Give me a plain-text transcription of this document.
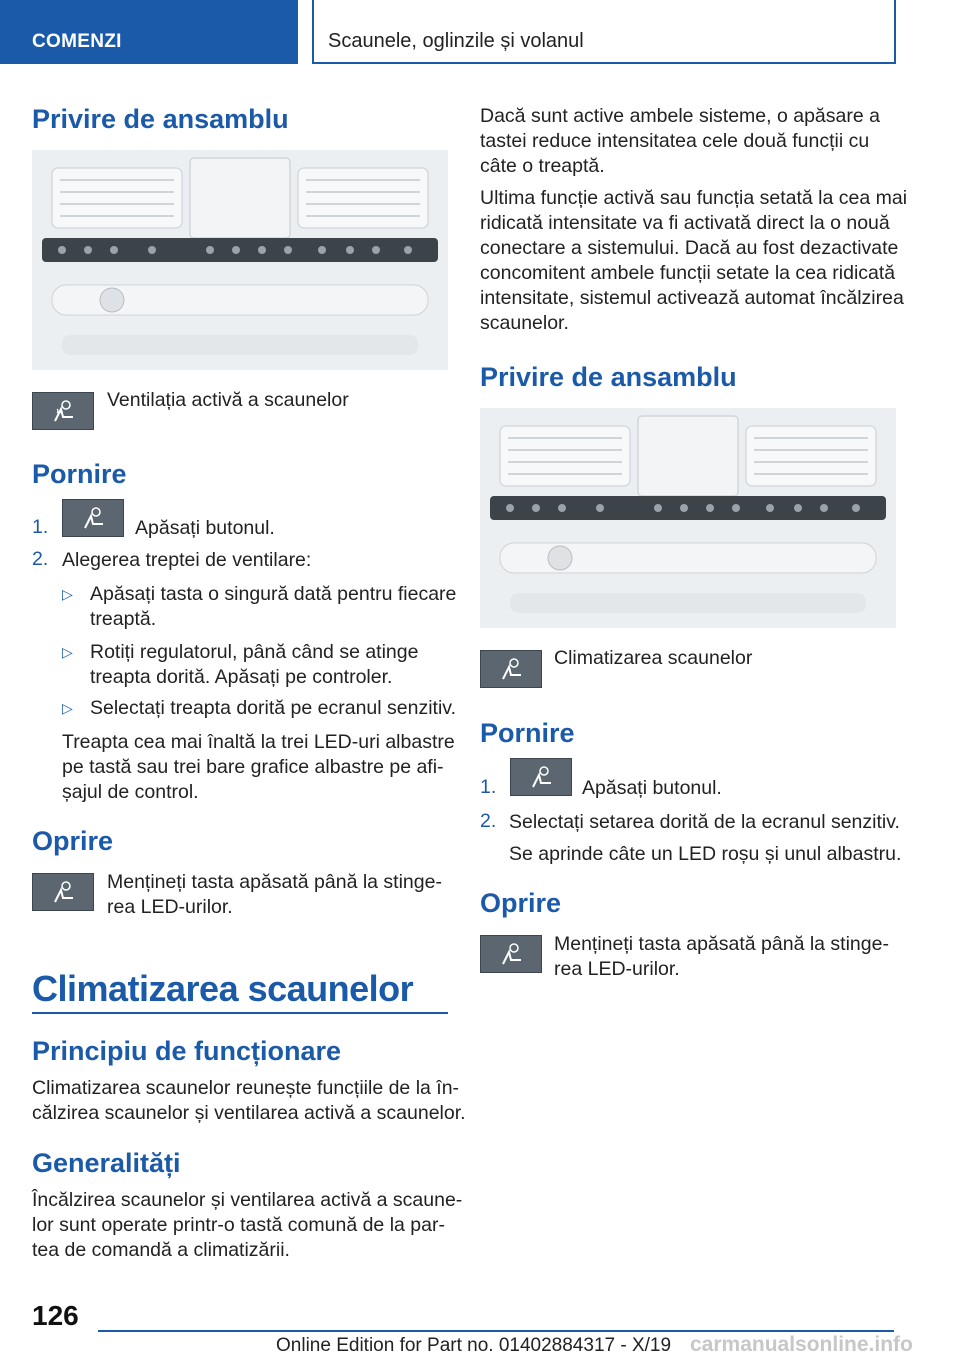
COMENZI	Scaunele, oglinzile și volanul
Privire de ansamblu

Ventilația activă a scaunelor

Pornire
1.	Apăsați butonul.

2. Alegerea treptei de ventilare:

▷ Apăsați tasta o singură dată pentru fiecare

treaptă.

▷ Rotiți regulatorul, până când se atinge

treapta dorită. Apăsați pe controler.

▷ Selectați treapta dorită pe ecranul senzitiv.

Treapta cea mai înaltă la trei LED-uri albastre

pe tastă sau trei bare grafice albastre pe afi-

șajul de control.

Oprire

Mențineți tasta apăsată până la stinge-

rea LED-urilor.

Climatizarea scaunelor
Principiu de funcționare

Climatizarea scaunelor reunește funcțiile de la în-

călzirea scaunelor și ventilarea activă a scaunelor.

Generalități

Încălzirea scaunelor și ventilarea activă a scaune-

lor sunt operate printr-o tastă comună de la par-

tea de comandă a climatizării.

Dacă sunt active ambele sisteme, o apăsare a

tastei reduce intensitatea cele două funcții cu

câte o treaptă.

Ultima funcție activă sau funcția setată la cea mai

ridicată intensitate va fi activată direct la o nouă

conectare a sistemului. Dacă au fost dezactivate

concomitent ambele funcții setate la cea ridicată

intensitate, sistemul activează automat încălzirea

scaunelor.

Privire de ansamblu

Climatizarea scaunelor

Pornire
1.	Apăsați butonul.

2. Selectați setarea dorită de la ecranul senzitiv.

Se aprinde câte un LED roșu și unul albastru.

Oprire

Mențineți tasta apăsată până la stinge-

rea LED-urilor.

126
Online Edition for Part no. 01402884317 - X/19 carmanualsonline.info
